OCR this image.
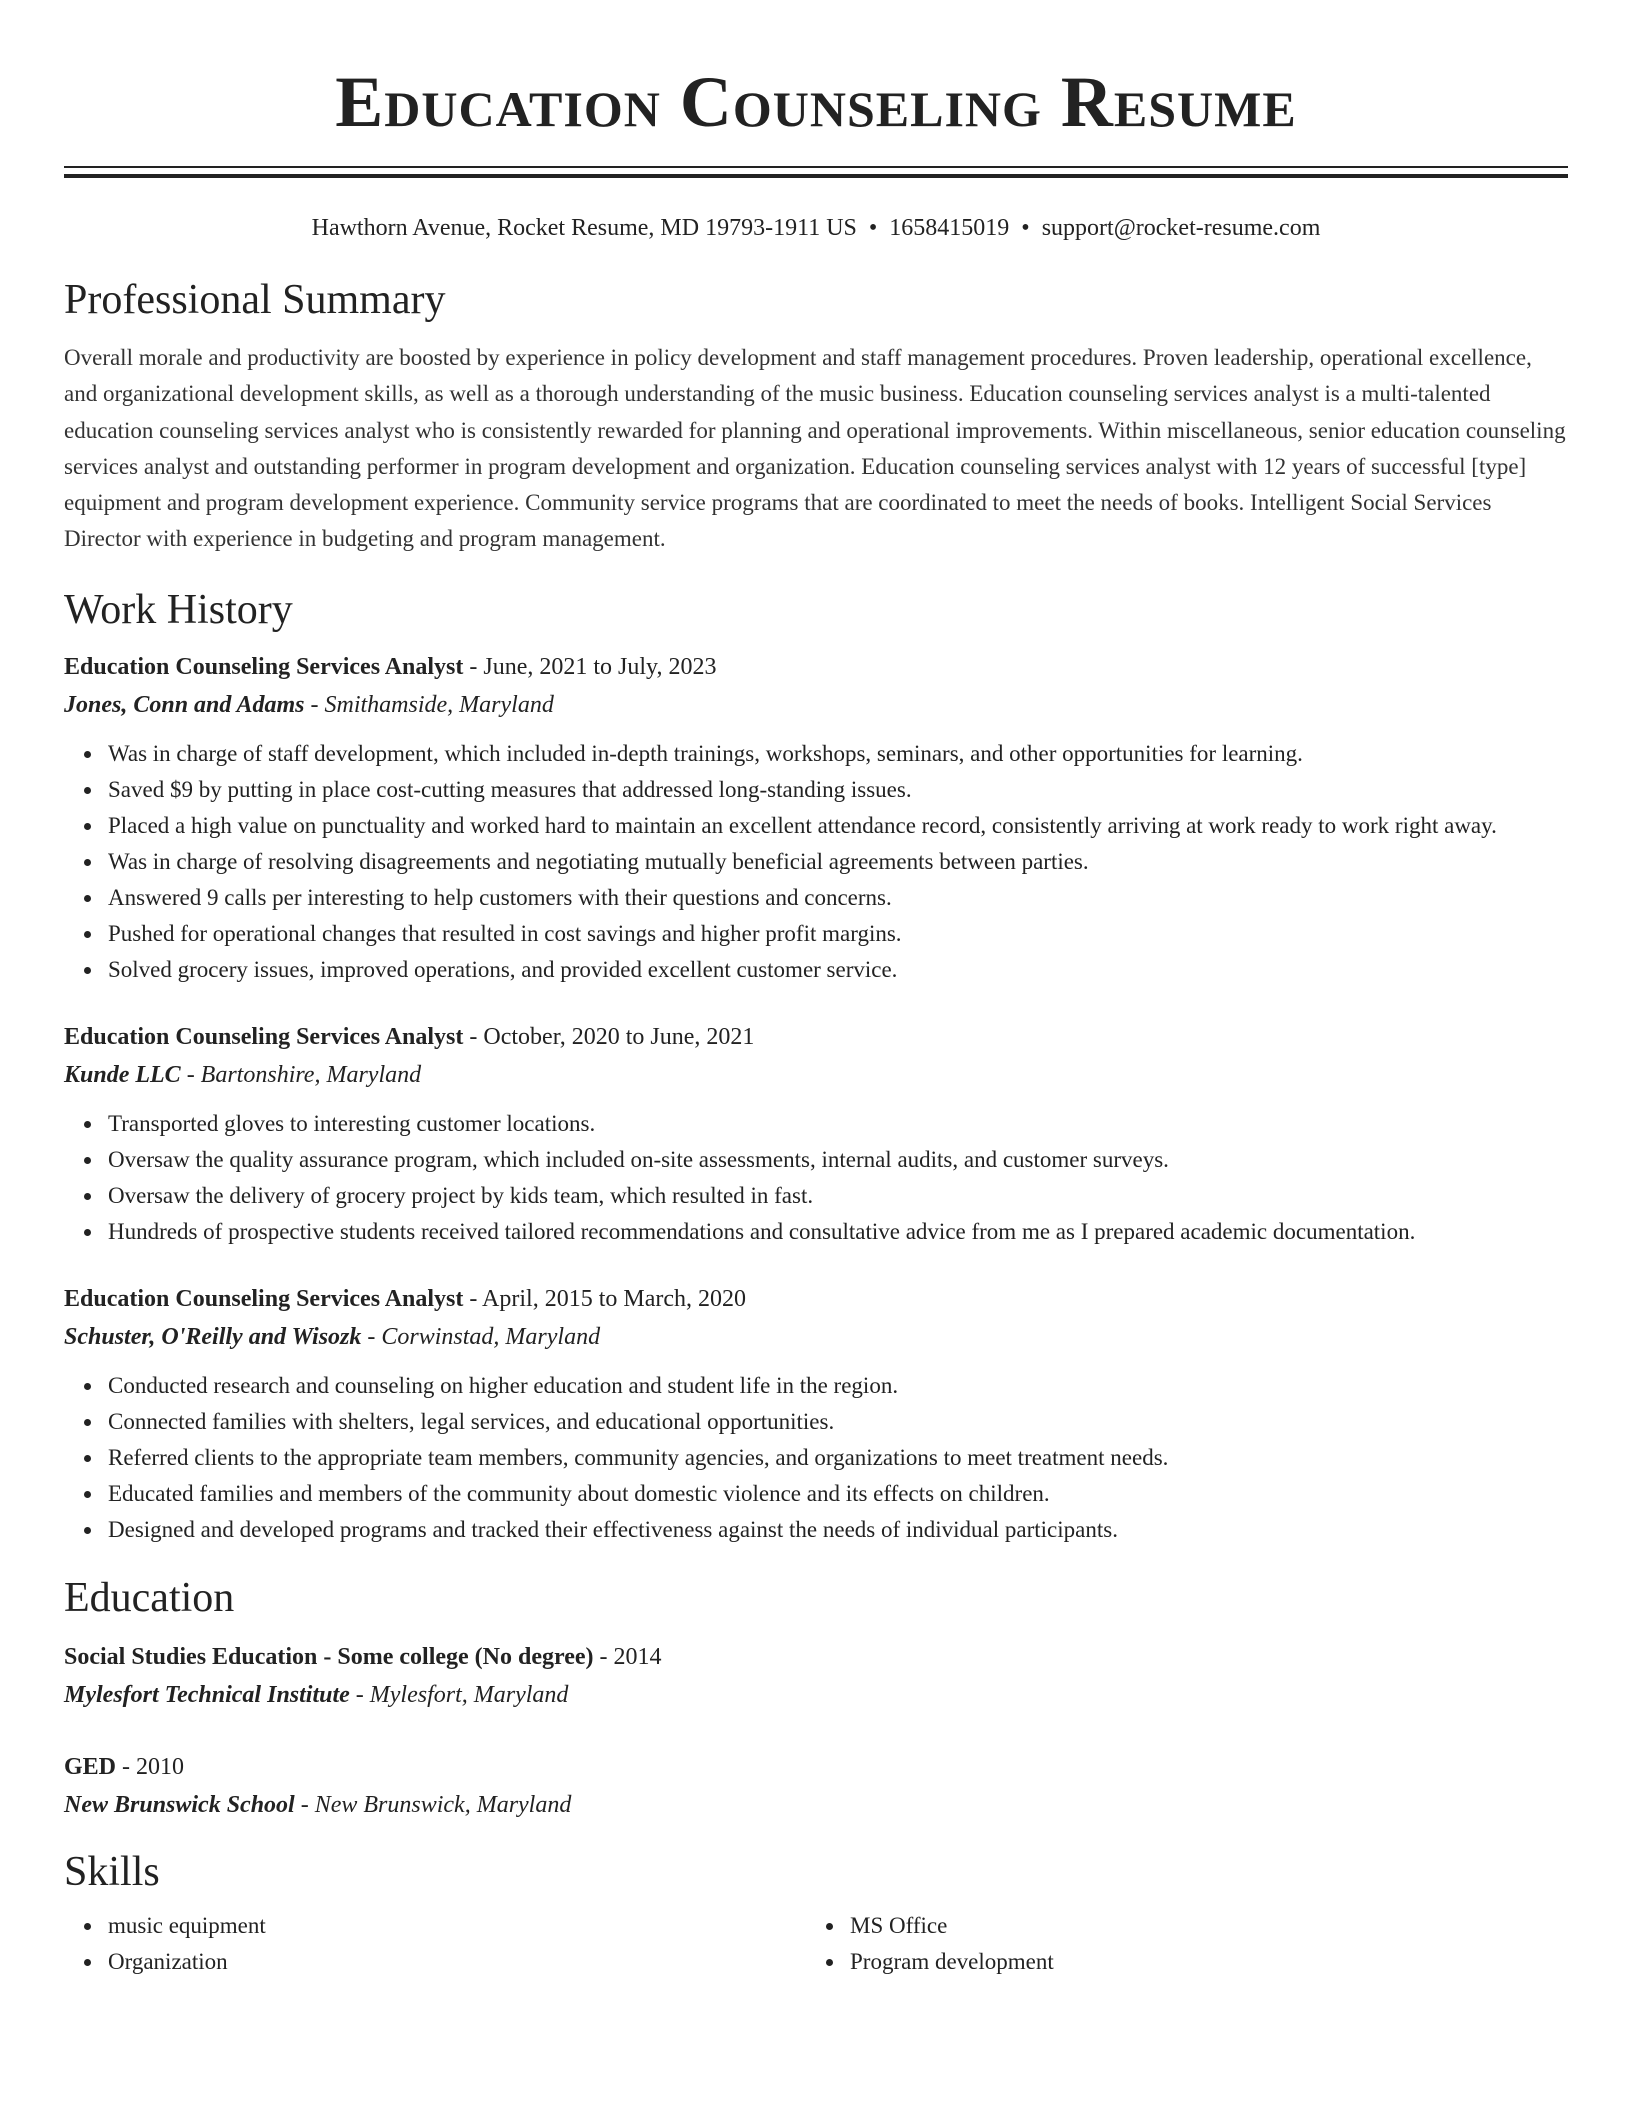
Education Counseling Resume
Hawthorn Avenue, Rocket Resume, MD 19793-1911 US • 1658415019 • support@rocket-resume.com
Professional Summary
Overall morale and productivity are boosted by experience in policy development and staff management procedures. Proven leadership, operational excellence, and organizational development skills, as well as a thorough understanding of the music business. Education counseling services analyst is a multi-talented education counseling services analyst who is consistently rewarded for planning and operational improvements. Within miscellaneous, senior education counseling services analyst and outstanding performer in program development and organization. Education counseling services analyst with 12 years of successful [type] equipment and program development experience. Community service programs that are coordinated to meet the needs of books. Intelligent Social Services Director with experience in budgeting and program management.
Work History
Education Counseling Services Analyst - June, 2021 to July, 2023
Jones, Conn and Adams - Smithamside, Maryland
Was in charge of staff development, which included in-depth trainings, workshops, seminars, and other opportunities for learning.
Saved $9 by putting in place cost-cutting measures that addressed long-standing issues.
Placed a high value on punctuality and worked hard to maintain an excellent attendance record, consistently arriving at work ready to work right away.
Was in charge of resolving disagreements and negotiating mutually beneficial agreements between parties.
Answered 9 calls per interesting to help customers with their questions and concerns.
Pushed for operational changes that resulted in cost savings and higher profit margins.
Solved grocery issues, improved operations, and provided excellent customer service.
Education Counseling Services Analyst - October, 2020 to June, 2021
Kunde LLC - Bartonshire, Maryland
Transported gloves to interesting customer locations.
Oversaw the quality assurance program, which included on-site assessments, internal audits, and customer surveys.
Oversaw the delivery of grocery project by kids team, which resulted in fast.
Hundreds of prospective students received tailored recommendations and consultative advice from me as I prepared academic documentation.
Education Counseling Services Analyst - April, 2015 to March, 2020
Schuster, O'Reilly and Wisozk - Corwinstad, Maryland
Conducted research and counseling on higher education and student life in the region.
Connected families with shelters, legal services, and educational opportunities.
Referred clients to the appropriate team members, community agencies, and organizations to meet treatment needs.
Educated families and members of the community about domestic violence and its effects on children.
Designed and developed programs and tracked their effectiveness against the needs of individual participants.
Education
Social Studies Education - Some college (No degree) - 2014
Mylesfort Technical Institute - Mylesfort, Maryland
GED - 2010
New Brunswick School - New Brunswick, Maryland
Skills
music equipment
Organization
MS Office
Program development
